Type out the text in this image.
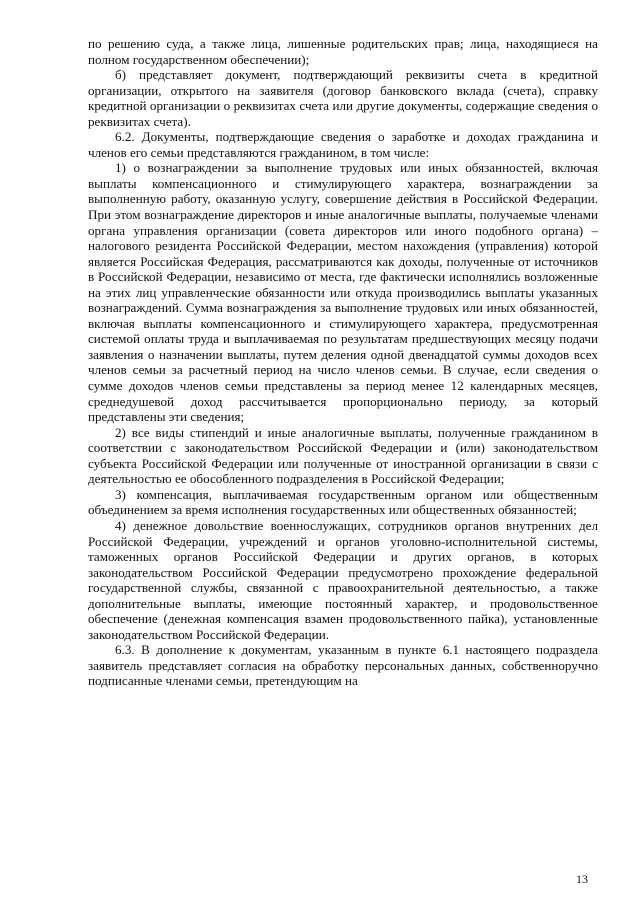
по решению суда, а также лица, лишенные родительских прав; лица, находящиеся на полном государственном обеспечении);

б) представляет документ, подтверждающий реквизиты счета в кредитной организации, открытого на заявителя (договор банковского вклада (счета), справку кредитной организации о реквизитах счета или другие документы, содержащие сведения о реквизитах счета).

6.2. Документы, подтверждающие сведения о заработке и доходах гражданина и членов его семьи представляются гражданином, в том числе:

1) о вознаграждении за выполнение трудовых или иных обязанностей, включая выплаты компенсационного и стимулирующего характера, вознаграждении за выполненную работу, оказанную услугу, совершение действия в Российской Федерации. При этом вознаграждение директоров и иные аналогичные выплаты, получаемые членами органа управления организации (совета директоров или иного подобного органа) – налогового резидента Российской Федерации, местом нахождения (управления) которой является Российская Федерация, рассматриваются как доходы, полученные от источников в Российской Федерации, независимо от места, где фактически исполнялись возложенные на этих лиц управленческие обязанности или откуда производились выплаты указанных вознаграждений. Сумма вознаграждения за выполнение трудовых или иных обязанностей, включая выплаты компенсационного и стимулирующего характера, предусмотренная системой оплаты труда и выплачиваемая по результатам предшествующих месяцу подачи заявления о назначении выплаты, путем деления одной двенадцатой суммы доходов всех членов семьи за расчетный период на число членов семьи. В случае, если сведения о сумме доходов членов семьи представлены за период менее 12 календарных месяцев, среднедушевой доход рассчитывается пропорционально периоду, за который представлены эти сведения;

2) все виды стипендий и иные аналогичные выплаты, полученные гражданином в соответствии с законодательством Российской Федерации и (или) законодательством субъекта Российской Федерации или полученные от иностранной организации в связи с деятельностью ее обособленного подразделения в Российской Федерации;

3) компенсация, выплачиваемая государственным органом или общественным объединением за время исполнения государственных или общественных обязанностей;

4) денежное довольствие военнослужащих, сотрудников органов внутренних дел Российской Федерации, учреждений и органов уголовно-исполнительной системы, таможенных органов Российской Федерации и других органов, в которых законодательством Российской Федерации предусмотрено прохождение федеральной государственной службы, связанной с правоохранительной деятельностью, а также дополнительные выплаты, имеющие постоянный характер, и продовольственное обеспечение (денежная компенсация взамен продовольственного пайка), установленные законодательством Российской Федерации.

6.3. В дополнение к документам, указанным в пункте 6.1 настоящего подраздела заявитель представляет согласия на обработку персональных данных, собственноручно подписанные членами семьи, претендующим на

13
